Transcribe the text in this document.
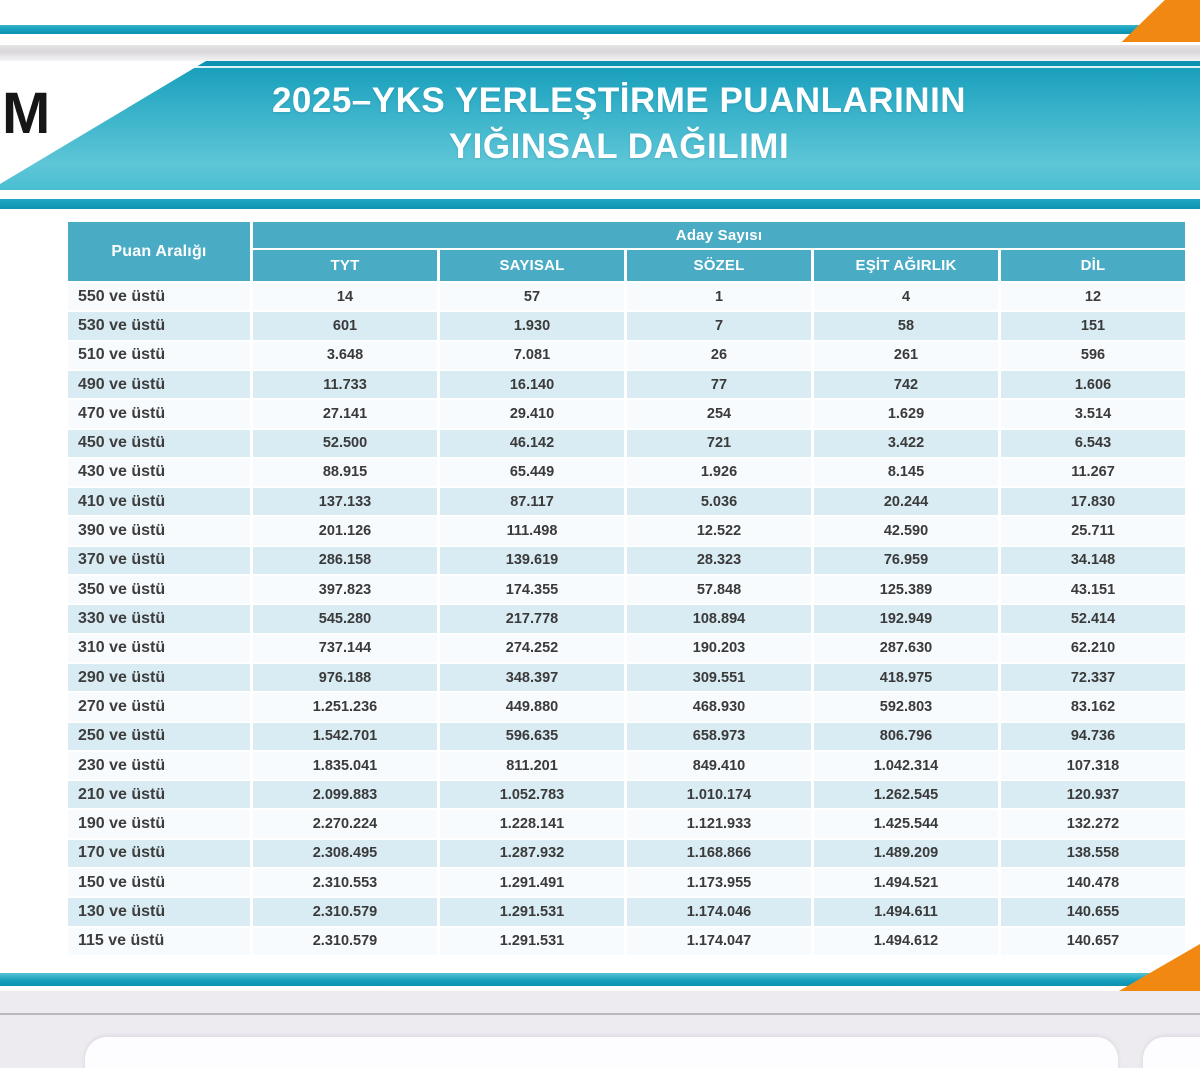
M	2025–YKS YERLEŞTİRME PUANLARININ
YIĞINSAL DAĞILIMI
Puan Aralığı
Aday Sayısı
TYT	SAYISAL	SÖZEL	EŞİT AĞIRLIK	DİL
550 ve üstü	14	57	1	4	12
530 ve üstü	601	1.930	7	58	151
510 ve üstü	3.648	7.081	26	261	596
490 ve üstü	11.733	16.140	77	742	1.606
470 ve üstü	27.141	29.410	254	1.629	3.514
450 ve üstü	52.500	46.142	721	3.422	6.543
430 ve üstü	88.915	65.449	1.926	8.145	11.267
410 ve üstü	137.133	87.117	5.036	20.244	17.830
390 ve üstü	201.126	111.498	12.522	42.590	25.711
370 ve üstü	286.158	139.619	28.323	76.959	34.148
350 ve üstü	397.823	174.355	57.848	125.389	43.151
330 ve üstü	545.280	217.778	108.894	192.949	52.414
310 ve üstü	737.144	274.252	190.203	287.630	62.210
290 ve üstü	976.188	348.397	309.551	418.975	72.337
270 ve üstü	1.251.236	449.880	468.930	592.803	83.162
250 ve üstü	1.542.701	596.635	658.973	806.796	94.736
230 ve üstü	1.835.041	811.201	849.410	1.042.314	107.318
210 ve üstü	2.099.883	1.052.783	1.010.174	1.262.545	120.937
190 ve üstü	2.270.224	1.228.141	1.121.933	1.425.544	132.272
170 ve üstü	2.308.495	1.287.932	1.168.866	1.489.209	138.558
150 ve üstü	2.310.553	1.291.491	1.173.955	1.494.521	140.478
130 ve üstü	2.310.579	1.291.531	1.174.046	1.494.611	140.655
115 ve üstü	2.310.579	1.291.531	1.174.047	1.494.612	140.657
